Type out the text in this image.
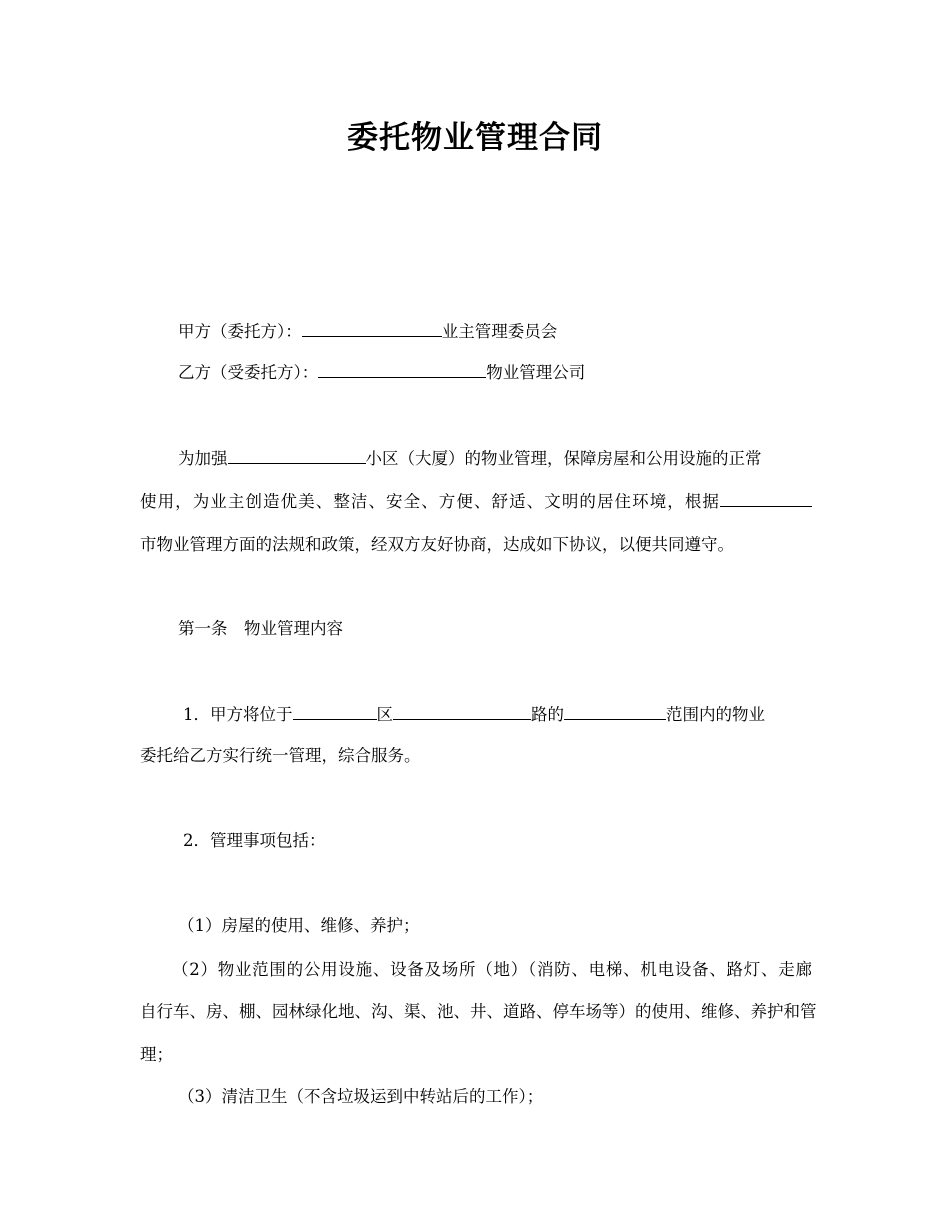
委托物业管理合同

甲方（委托方）：	业主管理委员会

乙方（受委托方）：	物业管理公司

为加强	小区（大厦）的物业管理，保障房屋和公用设施的正常

使用，为业主创造优美、整洁、安全、方便、舒适、文明的居住环境，根据

市物业管理方面的法规和政策，经双方友好协商，达成如下协议，以便共同遵守。

第一条　物业管理内容

1．甲方将位于	区	路的	范围内的物业

委托给乙方实行统一管理，综合服务。

2．管理事项包括：

（1）房屋的使用、维修、养护；

（2）物业范围的公用设施、设备及场所（地）（消防、电梯、机电设备、路灯、走廊

自行车、房、棚、园林绿化地、沟、渠、池、井、道路、停车场等）的使用、维修、养护和管

理；

（3）清洁卫生（不含垃圾运到中转站后的工作）；
